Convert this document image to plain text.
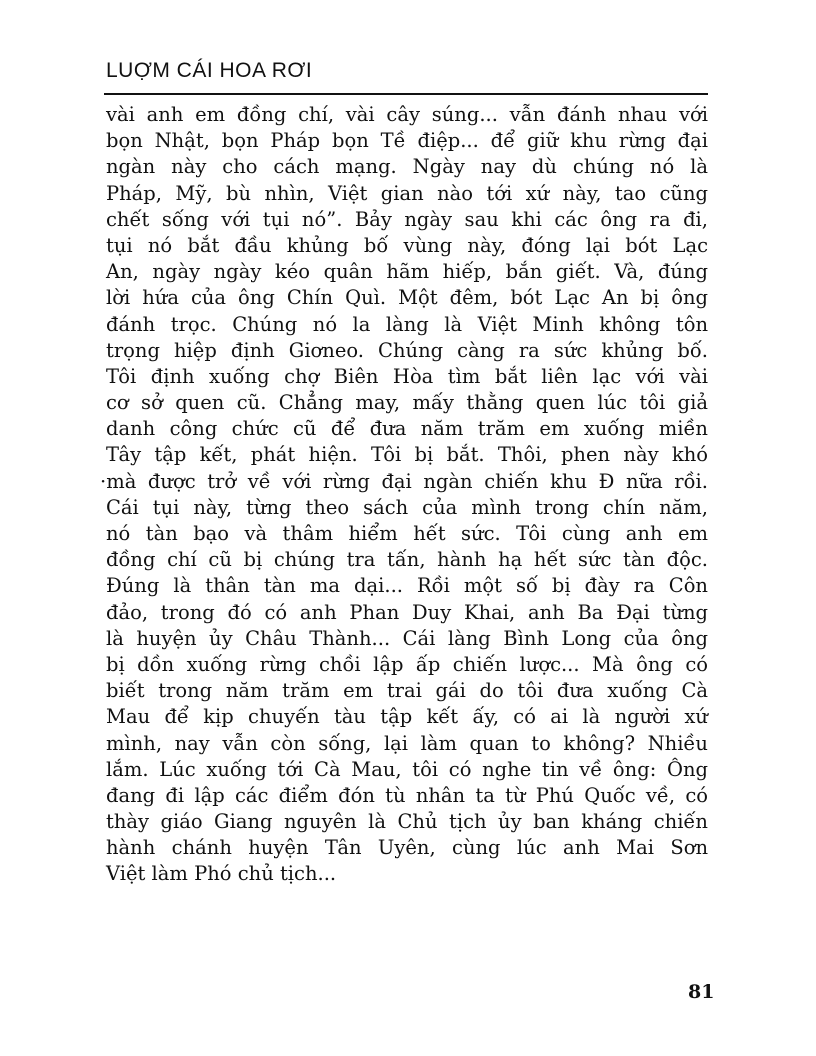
LUỢM CÁI HOA RƠI
vài anh em đồng chí, vài cây súng... vẫn đánh nhau với
bọn Nhật, bọn Pháp bọn Tề điệp... để giữ khu rừng đại
ngàn này cho cách mạng. Ngày nay dù chúng nó là
Pháp, Mỹ, bù nhìn, Việt gian nào tới xứ này, tao cũng
chết sống với tụi nó”. Bảy ngày sau khi các ông ra đi,
tụi nó bắt đầu khủng bố vùng này, đóng lại bót Lạc
An, ngày ngày kéo quân hãm hiếp, bắn giết. Và, đúng
lời hứa của ông Chín Quì. Một đêm, bót Lạc An bị ông
đánh trọc. Chúng nó la làng là Việt Minh không tôn
trọng hiệp định Giơneo. Chúng càng ra sức khủng bố.
Tôi định xuống chợ Biên Hòa tìm bắt liên lạc với vài
cơ sở quen cũ. Chẳng may, mấy thằng quen lúc tôi giả
danh công chức cũ để đưa năm trăm em xuống miền
Tây tập kết, phát hiện. Tôi bị bắt. Thôi, phen này khó
·mà được trở về với rừng đại ngàn chiến khu Đ nữa rồi.
Cái tụi này, từng theo sách của mình trong chín năm,
nó tàn bạo và thâm hiểm hết sức. Tôi cùng anh em
đồng chí cũ bị chúng tra tấn, hành hạ hết sức tàn độc.
Đúng là thân tàn ma dại... Rồi một số bị đày ra Côn
đảo, trong đó có anh Phan Duy Khai, anh Ba Đại từng
là huyện ủy Châu Thành... Cái làng Bình Long của ông
bị dồn xuống rừng chồi lập ấp chiến lược... Mà ông có
biết trong năm trăm em trai gái do tôi đưa xuống Cà
Mau để kịp chuyến tàu tập kết ấy, có ai là người xứ
mình, nay vẫn còn sống, lại làm quan to không? Nhiều
lắm. Lúc xuống tới Cà Mau, tôi có nghe tin về ông: Ông
đang đi lập các điểm đón tù nhân ta từ Phú Quốc về, có
thày giáo Giang nguyên là Chủ tịch ủy ban kháng chiến
hành chánh huyện Tân Uyên, cùng lúc anh Mai Sơn
Việt làm Phó chủ tịch...
81
